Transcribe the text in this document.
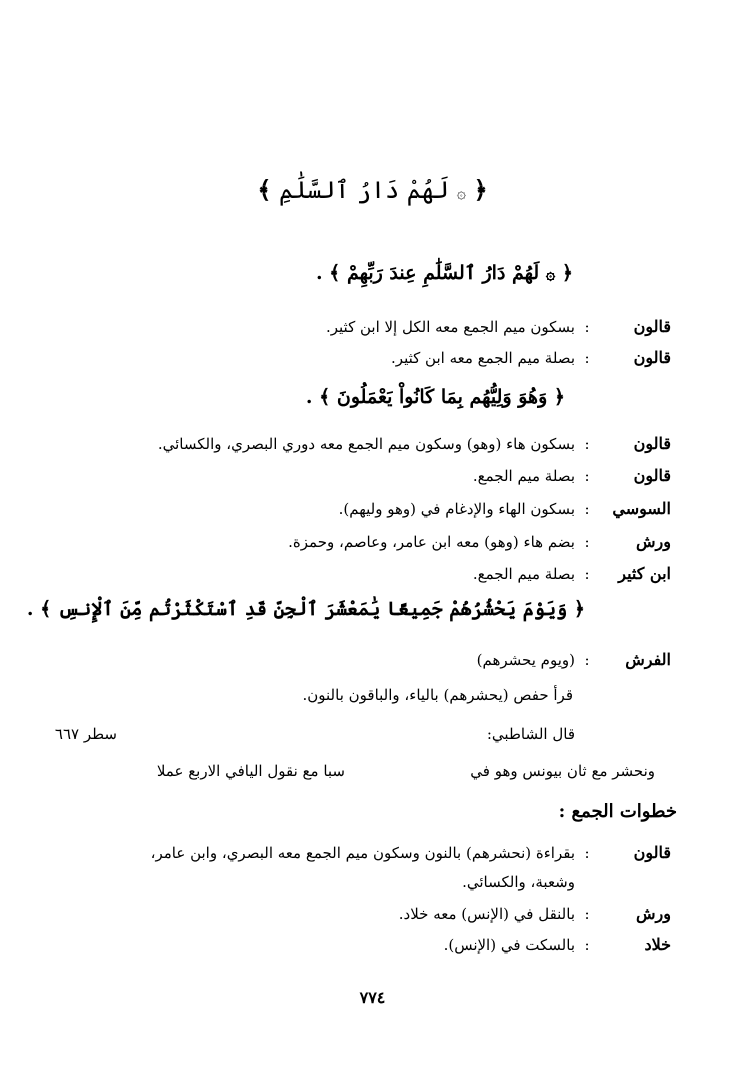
﴿ ۞ لَهُمْ دَارُ ٱلسَّلَٰمِ ﴾
﴿ ۞ لَهُمْ دَارُ ٱلسَّلَٰمِ عِندَ رَبِّهِمْ ﴾ .
قالون:بسكون ميم الجمع معه الكل إلا ابن كثير.
قالون:بصلة ميم الجمع معه ابن كثير.
﴿ وَهُوَ وَلِيُّهُم بِمَا كَانُواْ يَعْمَلُونَ ﴾ .
قالون:بسكون هاء (وهو) وسكون ميم الجمع معه دوري البصري، والكسائي.
قالون:بصلة ميم الجمع.
السوسي:بسكون الهاء والإدغام في (وهو وليهم).
ورش:بضم هاء (وهو) معه ابن عامر، وعاصم، وحمزة.
ابن كثير:بصلة ميم الجمع.
﴿ وَيَوْمَ يَحْشُرُهُمْ جَمِيعًا يَٰمَعْشَرَ ٱلْجِنِّ قَدِ ٱسْتَكْثَرْتُم مِّنَ ٱلْإِنسِ ﴾ .
الفرش:(ويوم يحشرهم)
قرأ حفص (يحشرهم) بالياء، والباقون بالنون.
قال الشاطبي:
سطر ٦٦٧
ونحشر مع ثان بيونس وهو في
سبا مع نقول اليافي الاربع عملا
خطوات الجمع :
قالون:بقراءة (نحشرهم) بالنون وسكون ميم الجمع معه البصري، وابن عامر،
وشعبة، والكسائي.
ورش:بالنقل في (الإنس) معه خلاد.
خلاد:بالسكت في (الإنس).
٧٧٤
